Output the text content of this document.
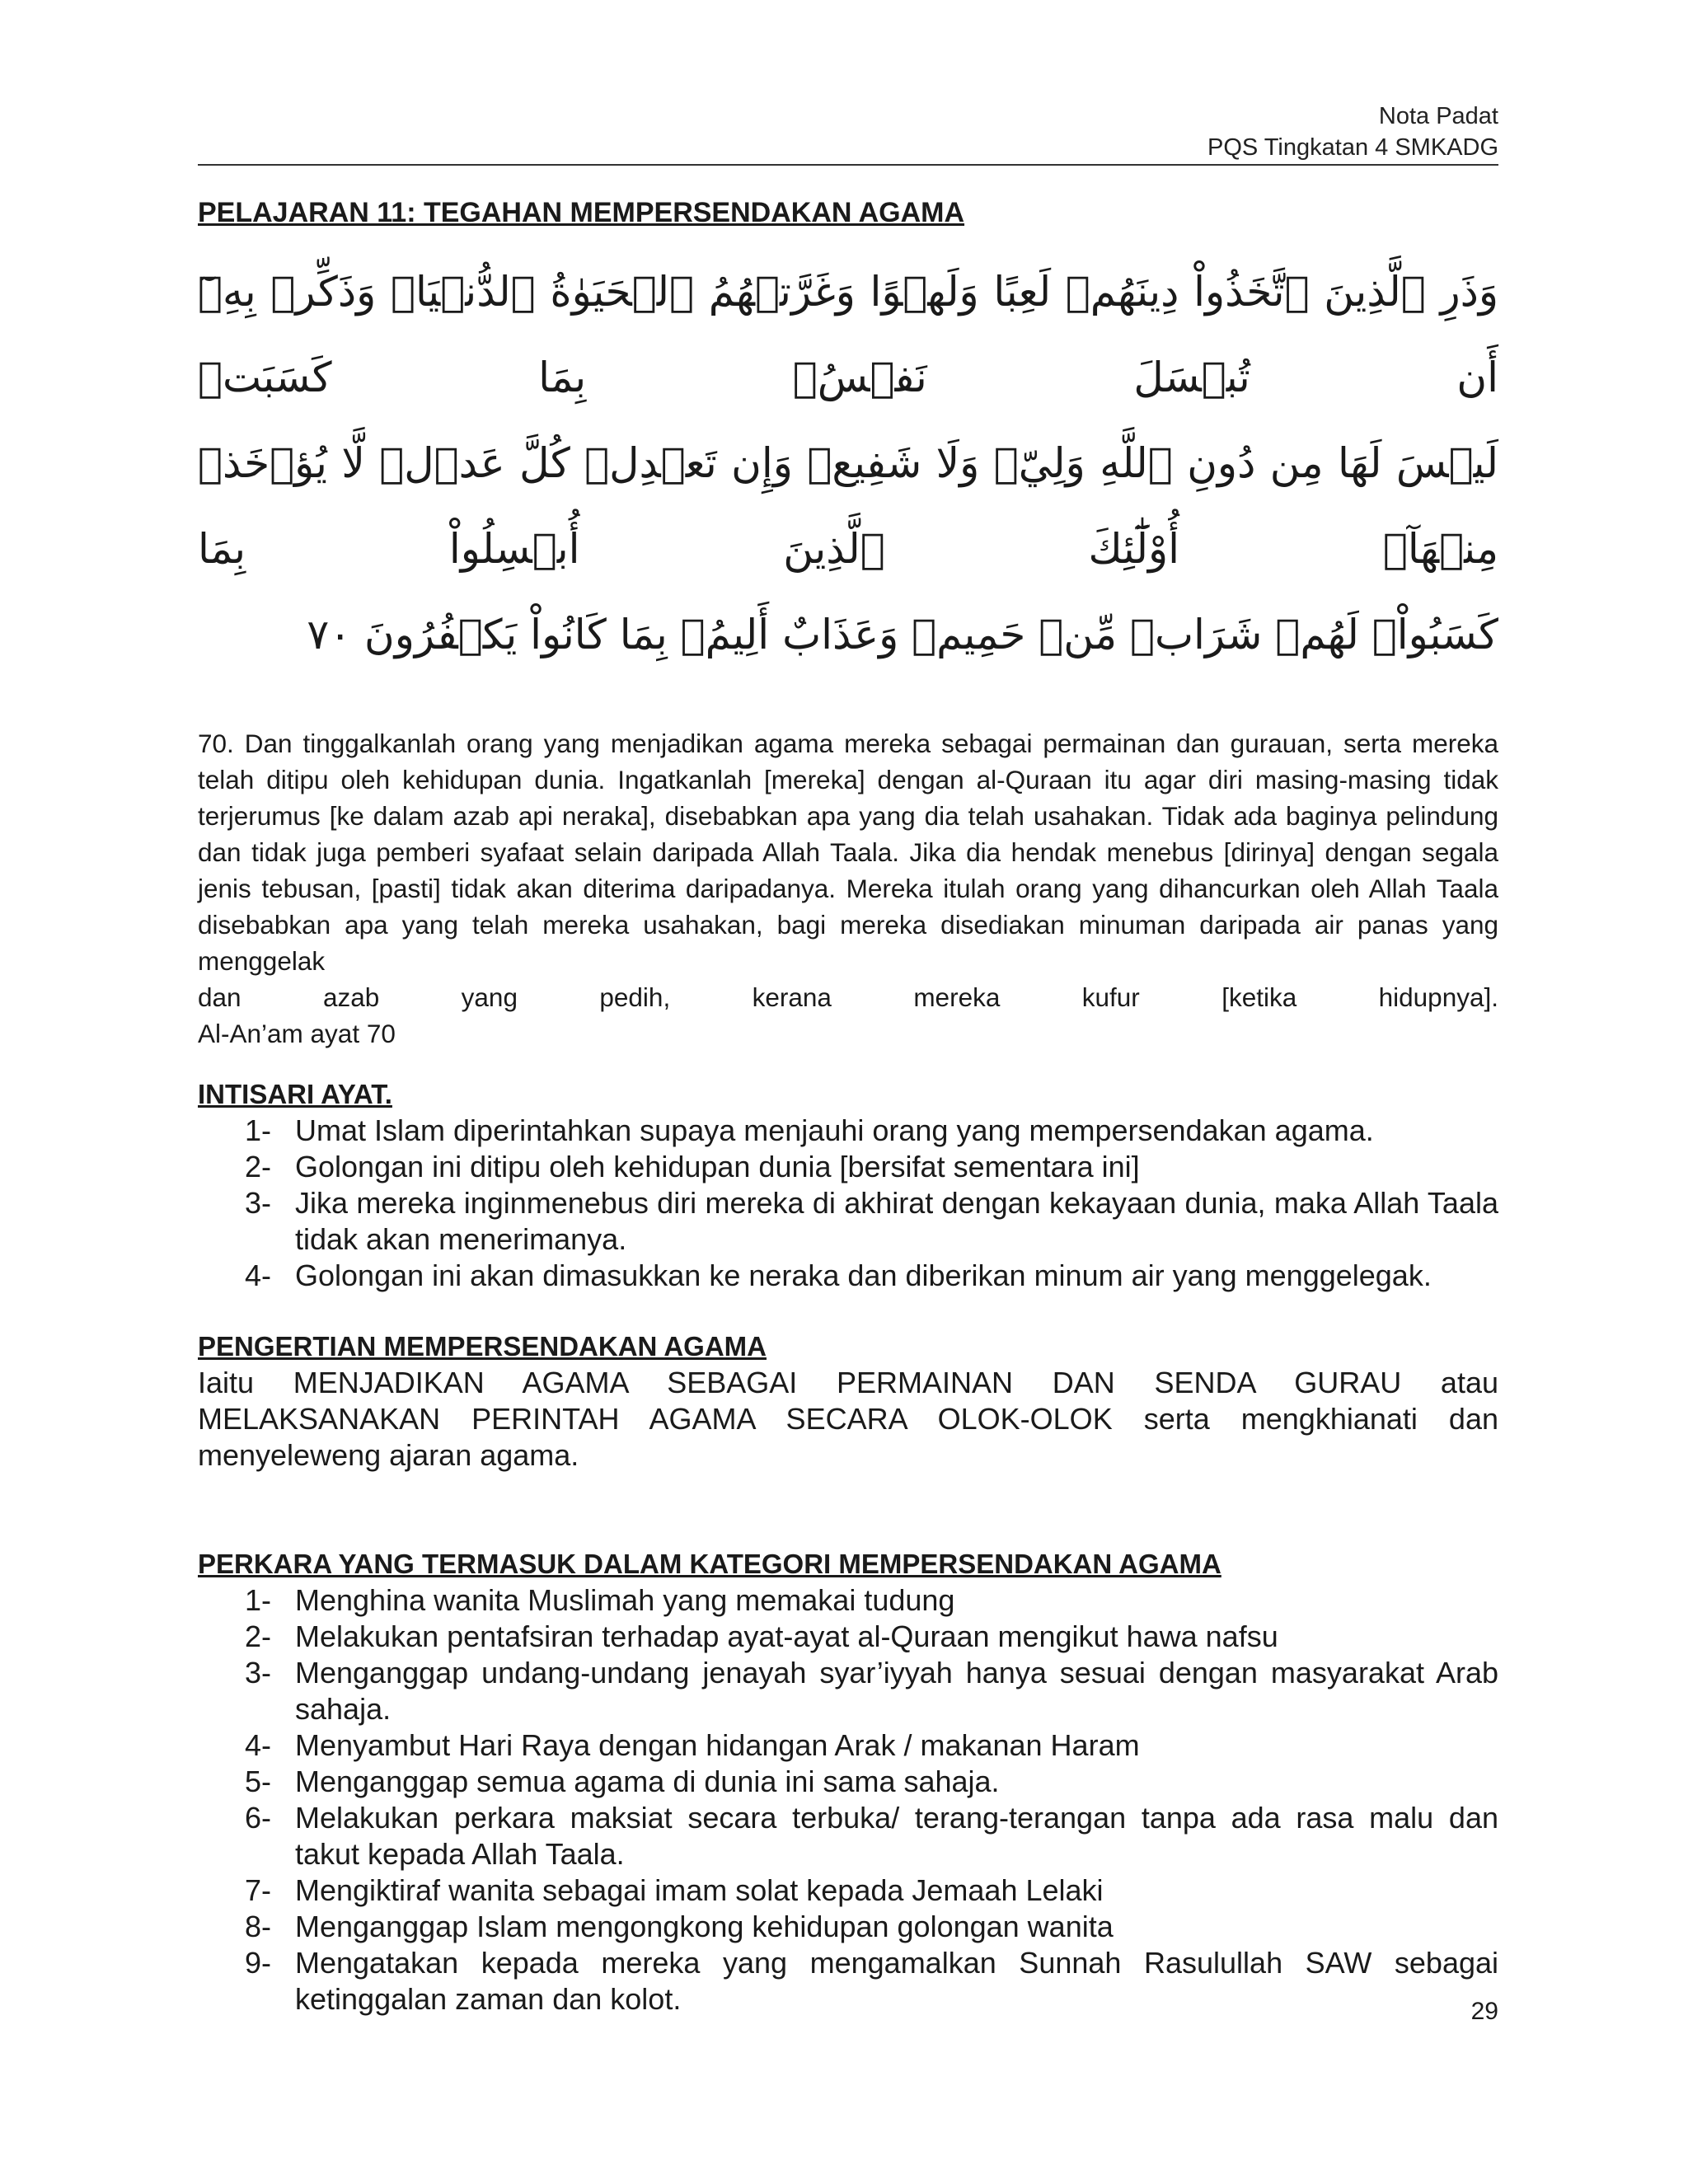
Nota Padat
PQS Tingkatan 4 SMKADG
PELAJARAN 11: TEGAHAN MEMPERSENDAKAN AGAMA
وَذَرِ ٱلَّذِينَ ٱتَّخَذُواْ دِينَهُمۡ لَعِبًا وَلَهۡوًا وَغَرَّتۡهُمُ ٱلۡحَيَوٰةُ ٱلدُّنۡيَاۚ وَذَكِّرۡ بِهِۦٓ أَن تُبۡسَلَ نَفۡسُۢ بِمَا كَسَبَتۡ
لَيۡسَ لَهَا مِن دُونِ ٱللَّهِ وَلِيّٞ وَلَا شَفِيعٞ وَإِن تَعۡدِلۡ كُلَّ عَدۡلٖ لَّا يُؤۡخَذۡ مِنۡهَآۗ أُوْلَٰٓئِكَ ٱلَّذِينَ أُبۡسِلُواْ بِمَا
كَسَبُواْۖ لَهُمۡ شَرَابٞ مِّنۡ حَمِيمٖ وَعَذَابٌ أَلِيمُۢ بِمَا كَانُواْ يَكۡفُرُونَ ٧٠
70. Dan tinggalkanlah orang yang menjadikan agama mereka sebagai permainan dan gurauan, serta mereka telah ditipu oleh kehidupan dunia. Ingatkanlah [mereka] dengan al-Quraan itu agar diri masing-masing tidak terjerumus [ke dalam azab api neraka], disebabkan apa yang dia telah usahakan. Tidak ada baginya pelindung dan tidak juga pemberi syafaat selain daripada Allah Taala. Jika dia hendak menebus [dirinya] dengan segala jenis tebusan, [pasti] tidak akan diterima daripadanya. Mereka itulah orang yang dihancurkan oleh Allah Taala disebabkan apa yang telah mereka usahakan, bagi mereka disediakan minuman daripada air panas yang menggelak
dan azab yang pedih, kerana mereka kufur [ketika hidupnya].
Al-An’am ayat 70
INTISARI AYAT.
1- Umat Islam diperintahkan supaya menjauhi orang yang mempersendakan agama.
2- Golongan ini ditipu oleh kehidupan dunia [bersifat sementara ini]
3- Jika mereka inginmenebus diri mereka di akhirat dengan kekayaan dunia, maka Allah Taala tidak akan menerimanya.
4- Golongan ini akan dimasukkan ke neraka dan diberikan minum air yang menggelegak.
PENGERTIAN MEMPERSENDAKAN AGAMA

Iaitu MENJADIKAN AGAMA SEBAGAI PERMAINAN DAN SENDA GURAU atau MELAKSANAKAN PERINTAH AGAMA SECARA OLOK-OLOK serta mengkhianati dan menyeleweng ajaran agama.

PERKARA YANG TERMASUK DALAM KATEGORI MEMPERSENDAKAN AGAMA
1- Menghina wanita Muslimah yang memakai tudung
2- Melakukan pentafsiran terhadap ayat-ayat al-Quraan mengikut hawa nafsu
3- Menganggap undang-undang jenayah syar’iyyah hanya sesuai dengan masyarakat Arab sahaja.
4- Menyambut Hari Raya dengan hidangan Arak / makanan Haram
5- Menganggap semua agama di dunia ini sama sahaja.
6- Melakukan perkara maksiat secara terbuka/ terang-terangan tanpa ada rasa malu dan takut kepada Allah Taala.
7- Mengiktiraf wanita sebagai imam solat kepada Jemaah Lelaki
8- Menganggap Islam mengongkong kehidupan golongan wanita
9- Mengatakan kepada mereka yang mengamalkan Sunnah Rasulullah SAW sebagai ketinggalan zaman dan kolot.	29
